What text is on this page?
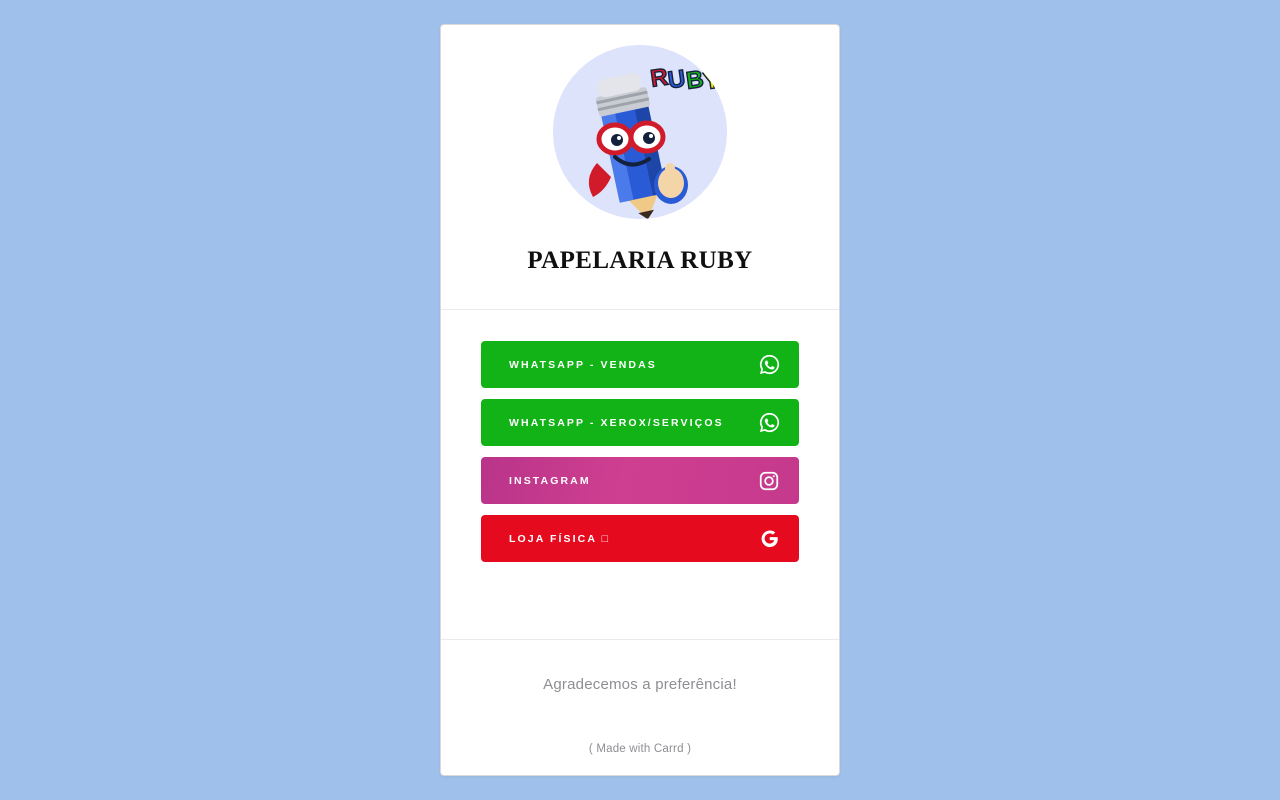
R
U
B
Y
PAPELARIA RUBY
WHATSAPP - VENDAS
WHATSAPP - XEROX/SERVIÇOS
INSTAGRAM
LOJA FÍSICA □
Agradecemos a preferência!
( Made with Carrd )
